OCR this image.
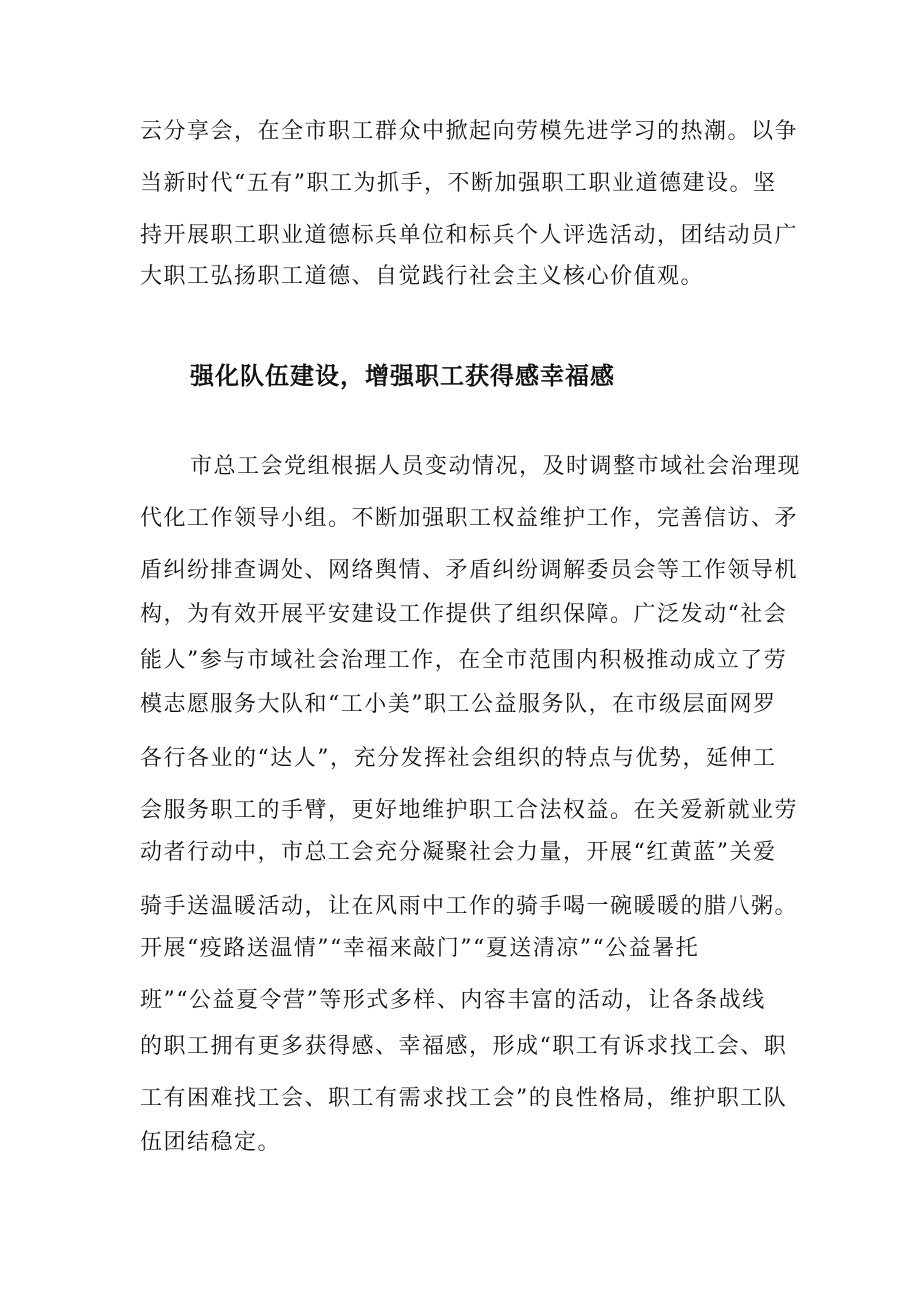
云分享会，在全市职工群众中掀起向劳模先进学习的热潮。以争

当新时代“五有”职工为抓手，不断加强职工职业道德建设。坚

持开展职工职业道德标兵单位和标兵个人评选活动，团结动员广

大职工弘扬职工道德、自觉践行社会主义核心价值观。

强化队伍建设，增强职工获得感幸福感

市总工会党组根据人员变动情况，及时调整市域社会治理现

代化工作领导小组。不断加强职工权益维护工作，完善信访、矛

盾纠纷排查调处、网络舆情、矛盾纠纷调解委员会等工作领导机

构，为有效开展平安建设工作提供了组织保障。广泛发动“社会

能人”参与市域社会治理工作，在全市范围内积极推动成立了劳

模志愿服务大队和“工小美”职工公益服务队，在市级层面网罗

各行各业的“达人”，充分发挥社会组织的特点与优势，延伸工

会服务职工的手臂，更好地维护职工合法权益。在关爱新就业劳

动者行动中，市总工会充分凝聚社会力量，开展“红黄蓝”关爱

骑手送温暖活动，让在风雨中工作的骑手喝一碗暖暖的腊八粥。

开展“疫路送温情”“幸福来敲门”“夏送清凉”“公益暑托

班”“公益夏令营”等形式多样、内容丰富的活动，让各条战线

的职工拥有更多获得感、幸福感，形成“职工有诉求找工会、职

工有困难找工会、职工有需求找工会”的良性格局，维护职工队

伍团结稳定。
